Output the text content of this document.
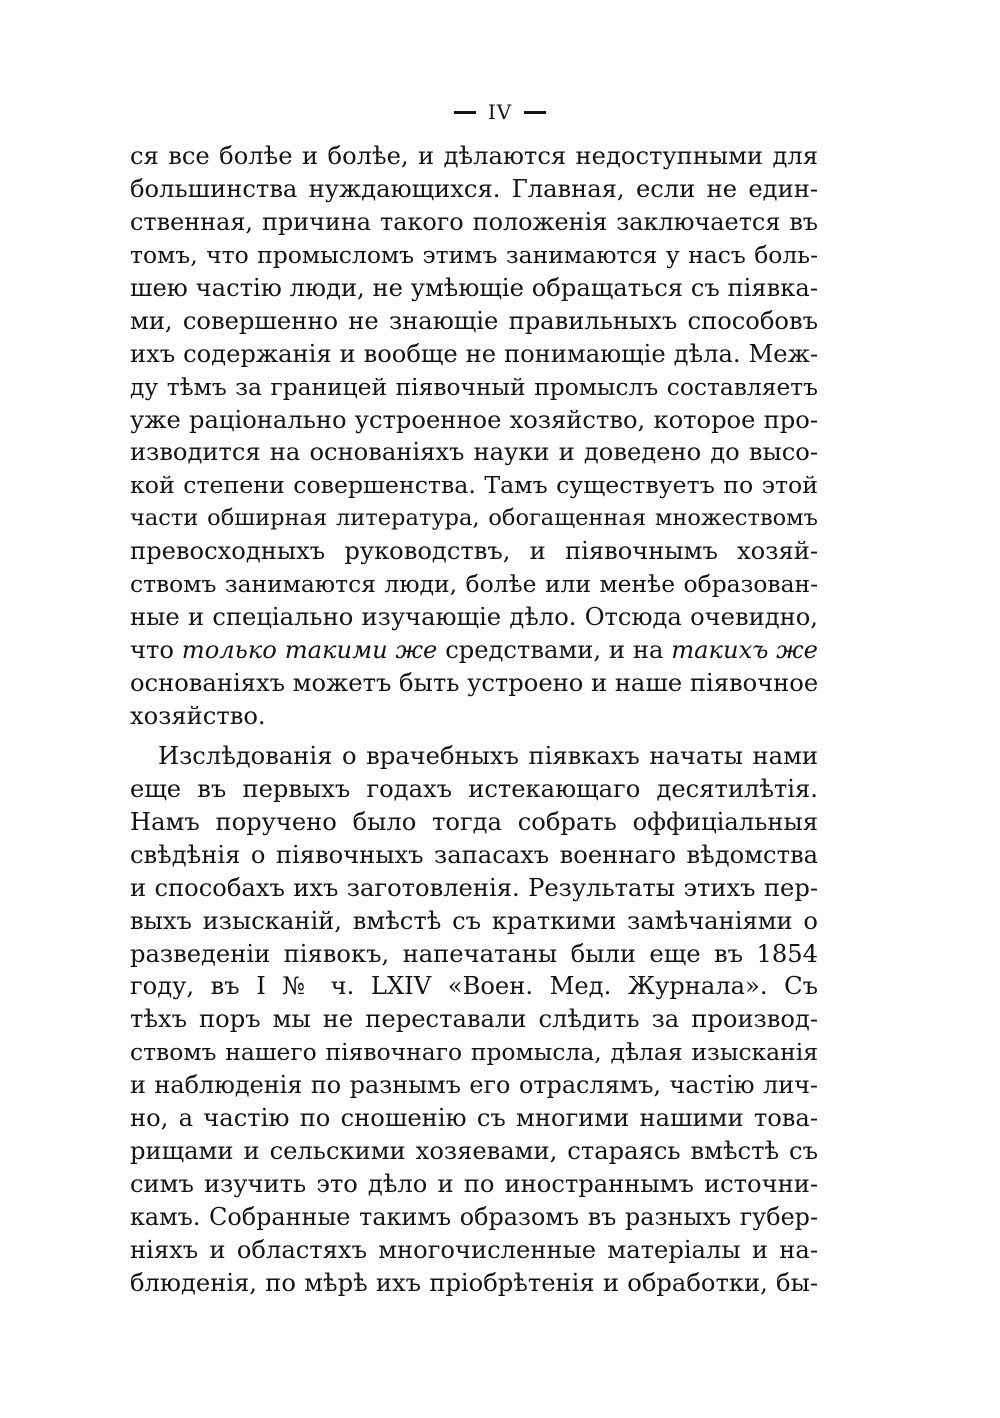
IV
ся все болѣе и болѣе, и дѣлаются недоступными для
большинства нуждающихся. Главная, если не един-
ственная, причина такого положенія заключается въ
томъ, что промысломъ этимъ занимаются у насъ боль-
шею частію люди, не умѣющіе обращаться съ піявка-
ми, совершенно не знающіе правильныхъ способовъ
ихъ содержанія и вообще не понимающіе дѣла. Меж-
ду тѣмъ за границей піявочный промыслъ составляетъ
уже раціонально устроенное хозяйство, которое про-
изводится на основаніяхъ науки и доведено до высо-
кой степени совершенства. Тамъ существуетъ по этой
части обширная литература, обогащенная множествомъ
превосходныхъ руководствъ, и піявочнымъ хозяй-
ствомъ занимаются люди, болѣе или менѣе образован-
ные и спеціально изучающіе дѣло. Отсюда очевидно,
что только такими же средствами, и на такихъ же
основаніяхъ можетъ быть устроено и наше піявочное
хозяйство.
Изслѣдованія о врачебныхъ піявкахъ начаты нами
еще въ первыхъ годахъ истекающаго десятилѣтія.
Намъ поручено было тогда собрать оффиціальныя
свѣдѣнія о піявочныхъ запасахъ военнаго вѣдомства
и способахъ ихъ заготовленія. Результаты этихъ пер-
выхъ изысканій, вмѣстѣ съ краткими замѣчаніями о
разведеніи піявокъ, напечатаны были еще въ 1854
году, въ I № ч. LXIV «Воен. Мед. Журнала». Съ
тѣхъ поръ мы не переставали слѣдить за производ-
ствомъ нашего піявочнаго промысла, дѣлая изысканія
и наблюденія по разнымъ его отраслямъ, частію лич-
но, а частію по сношенію съ многими нашими това-
рищами и сельскими хозяевами, стараясь вмѣстѣ съ
симъ изучить это дѣло и по иностраннымъ источни-
камъ. Собранные такимъ образомъ въ разныхъ губер-
ніяхъ и областяхъ многочисленные матеріалы и на-
блюденія, по мѣрѣ ихъ пріобрѣтенія и обработки, бы-
